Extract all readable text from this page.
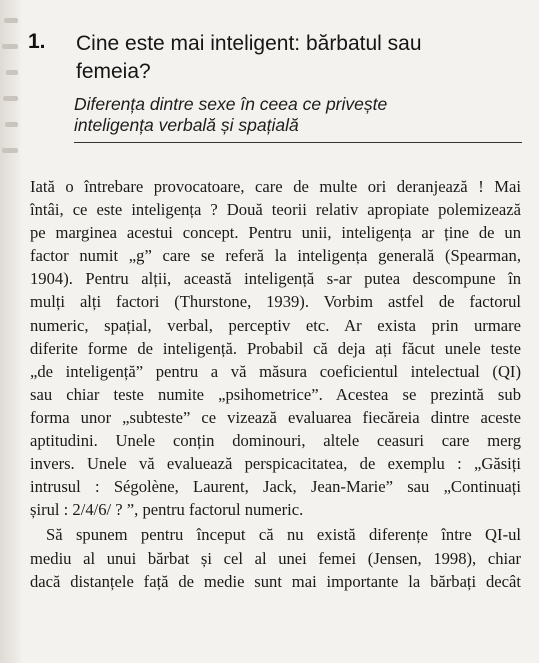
1. Cine este mai inteligent: bărbatul sau
femeia?
Diferența dintre sexe în ceea ce privește
inteligența verbală și spațială
Iată o întrebare provocatoare, care de multe ori deranjează ! Mai
întâi, ce este inteligența ? Două teorii relativ apropiate polemizează
pe marginea acestui concept. Pentru unii, inteligența ar ține de un
factor numit „g” care se referă la inteligența generală (Spearman,
1904). Pentru alții, această inteligență s-ar putea descompune în
mulți alți factori (Thurstone, 1939). Vorbim astfel de factorul
numeric, spațial, verbal, perceptiv etc. Ar exista prin urmare
diferite forme de inteligență. Probabil că deja ați făcut unele teste
„de inteligență” pentru a vă măsura coeficientul intelectual (QI)
sau chiar teste numite „psihometrice”. Acestea se prezintă sub
forma unor „subteste” ce vizează evaluarea fiecăreia dintre aceste
aptitudini. Unele conțin dominouri, altele ceasuri care merg
invers. Unele vă evaluează perspicacitatea, de exemplu : „Găsiți
intrusul : Ségolène, Laurent, Jack, Jean-Marie” sau „Continuați
șirul : 2/4/6/ ? ”, pentru factorul numeric.
Să spunem pentru început că nu există diferențe între QI-ul
mediu al unui bărbat și cel al unei femei (Jensen, 1998), chiar
dacă distanțele față de medie sunt mai importante la bărbați decât
